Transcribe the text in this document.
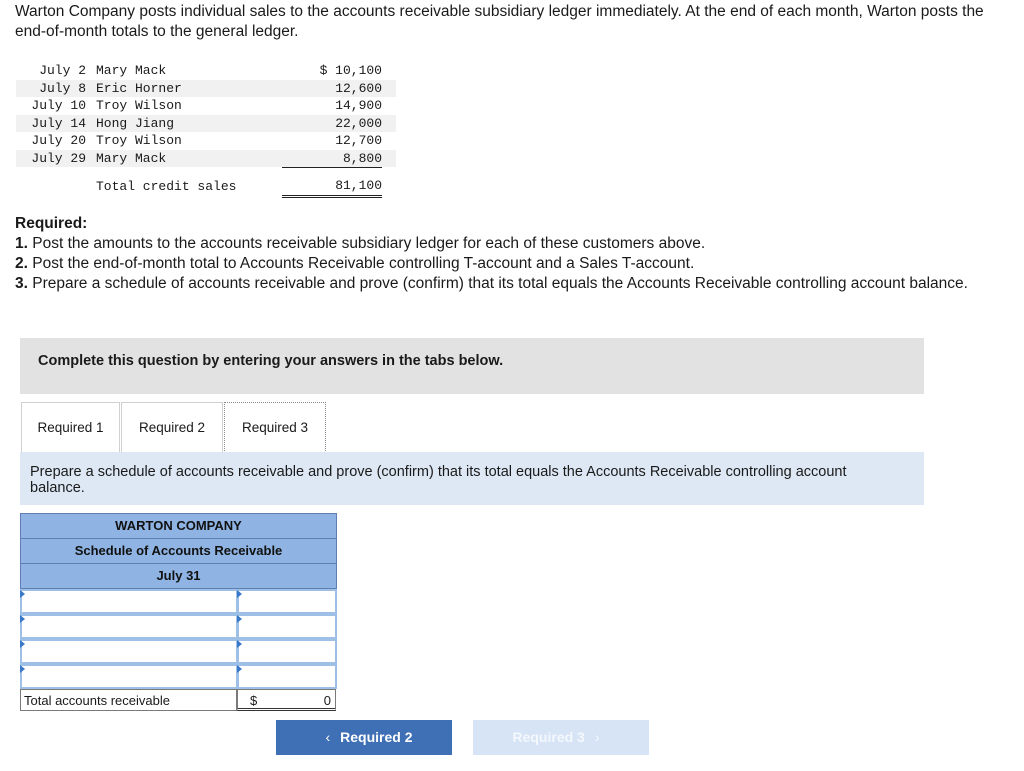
Warton Company posts individual sales to the accounts receivable subsidiary ledger immediately. At the end of each month, Warton posts the end-of-month totals to the general ledger.
July 2 Mary Mack	$ 10,100
July 8 Eric Horner	12,600
July 10 Troy Wilson	14,900
July 14 Hong Jiang	22,000
July 20 Troy Wilson	12,700
July 29 Mary Mack	8,800
Total credit sales	81,100
Required:
1. Post the amounts to the accounts receivable subsidiary ledger for each of these customers above.
2. Post the end-of-month total to Accounts Receivable controlling T-account and a Sales T-account.
3. Prepare a schedule of accounts receivable and prove (confirm) that its total equals the Accounts Receivable controlling account balance.
Complete this question by entering your answers in the tabs below.
Required 1	Required 2	Required 3
Prepare a schedule of accounts receivable and prove (confirm) that its total equals the Accounts Receivable controlling account balance.
WARTON COMPANY
Schedule of Accounts Receivable
July 31
Total accounts receivable	$	0
‹ Required 2	Required 3 ›
